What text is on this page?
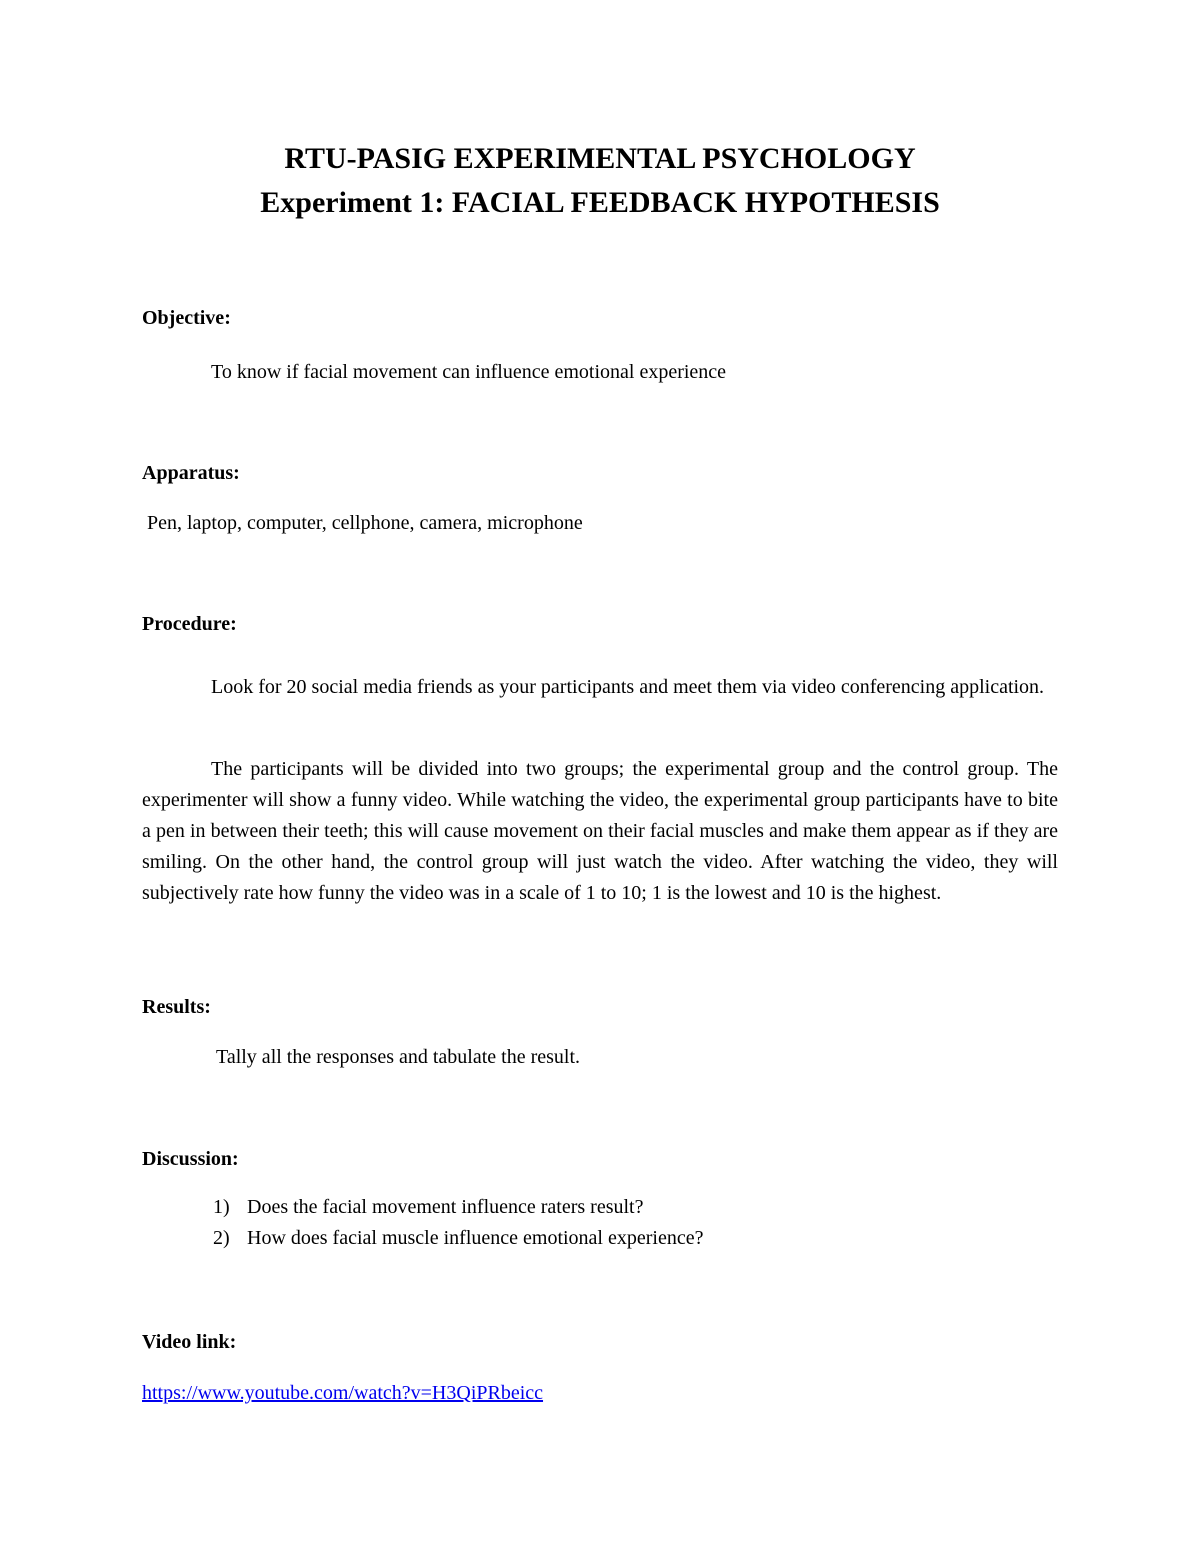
RTU-PASIG EXPERIMENTAL PSYCHOLOGY
Experiment 1: FACIAL FEEDBACK HYPOTHESIS

Objective:

To know if facial movement can influence emotional experience

Apparatus:

Pen, laptop, computer, cellphone, camera, microphone

Procedure:

Look for 20 social media friends as your participants and meet them via video conferencing application.

The participants will be divided into two groups; the experimental group and the control group. The experimenter will show a funny video. While watching the video, the experimental group participants have to bite a pen in between their teeth; this will cause movement on their facial muscles and make them appear as if they are smiling. On the other hand, the control group will just watch the video. After watching the video, they will subjectively rate how funny the video was in a scale of 1 to 10; 1 is the lowest and 10 is the highest.

Results:

Tally all the responses and tabulate the result.

Discussion:

1) Does the facial movement influence raters result?
2) How does facial muscle influence emotional experience?

Video link:

https://www.youtube.com/watch?v=H3QiPRbeicc
